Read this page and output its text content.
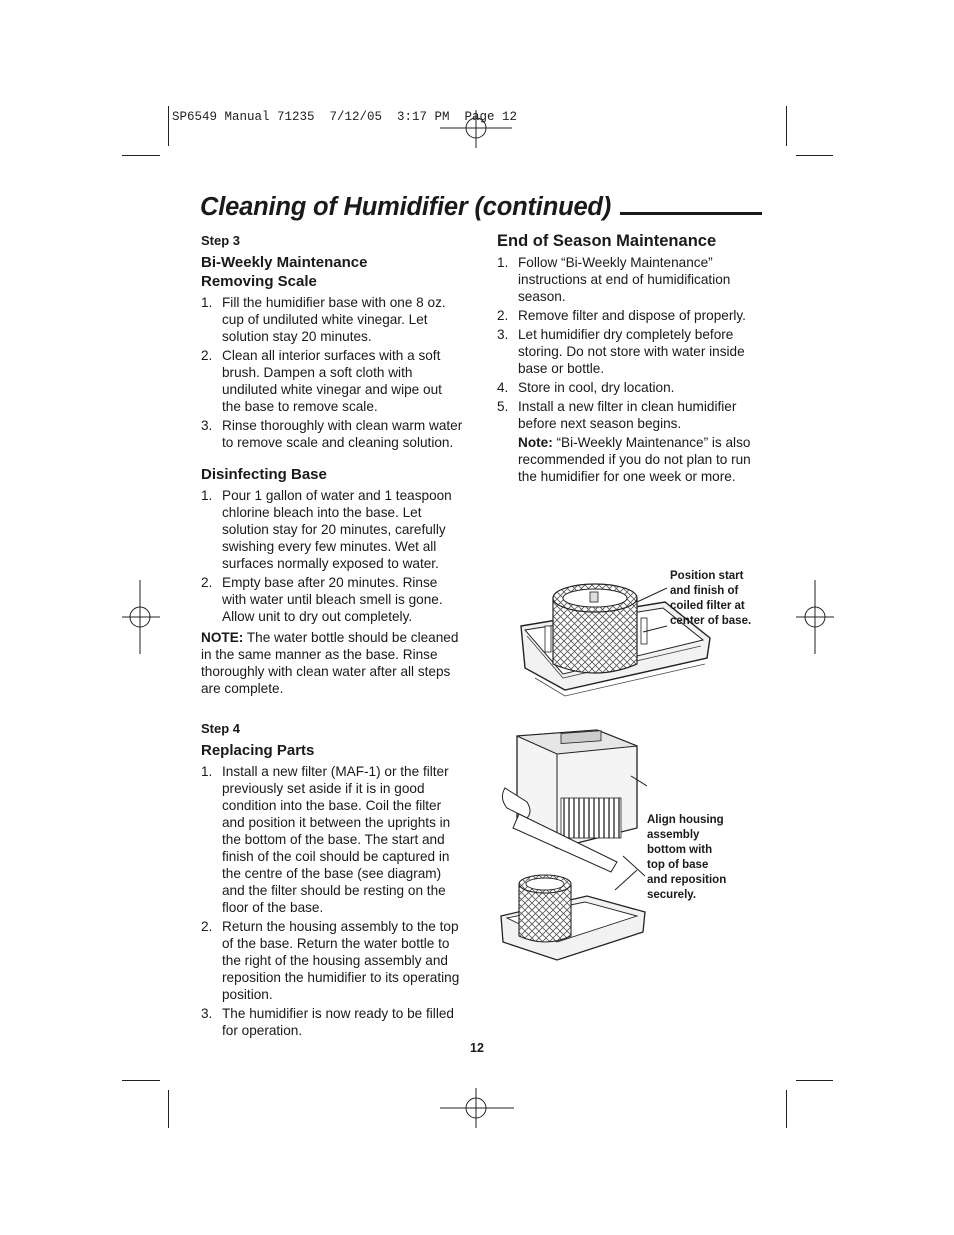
SP6549 Manual 71235  7/12/05  3:17 PM  Page 12
Cleaning of Humidifier (continued)
Step 3
Bi-Weekly Maintenance
Removing Scale
1. Fill the humidifier base with one 8 oz. cup of undiluted white vinegar. Let solution stay 20 minutes.
2. Clean all interior surfaces with a soft brush. Dampen a soft cloth with undiluted white vinegar and wipe out the base to remove scale.
3. Rinse thoroughly with clean warm water to remove scale and cleaning solution.
Disinfecting Base
1. Pour 1 gallon of water and 1 teaspoon chlorine bleach into the base. Let solution stay for 20 minutes, carefully swishing every few minutes. Wet all surfaces normally exposed to water.
2. Empty base after 20 minutes. Rinse with water until bleach smell is gone. Allow unit to dry out completely.

NOTE: The water bottle should be cleaned in the same manner as the base. Rinse thoroughly with clean water after all steps are complete.

Step 4
Replacing Parts
1. Install a new filter (MAF-1) or the filter previously set aside if it is in good condition into the base. Coil the filter and position it between the uprights in the bottom of the base. The start and finish of the coil should be captured in the centre of the base (see diagram) and the filter should be resting on the floor of the base.
2. Return the housing assembly to the top of the base. Return the water bottle to the right of the housing assembly and reposition the humidifier to its operating position.
3. The humidifier is now ready to be filled for operation.
End of Season Maintenance
1. Follow “Bi-Weekly Maintenance” instructions at end of humidification season.
2. Remove filter and dispose of properly.
3. Let humidifier dry completely before storing. Do not store with water inside base or bottle.
4. Store in cool, dry location.
5. Install a new filter in clean humidifier before next season begins.

Note: “Bi-Weekly Maintenance” is also recommended if you do not plan to run the humidifier for one week or more.

Position start
and finish of
coiled filter at
center of base.
Align housing
assembly
bottom with
top of base
and reposition
securely.
12
